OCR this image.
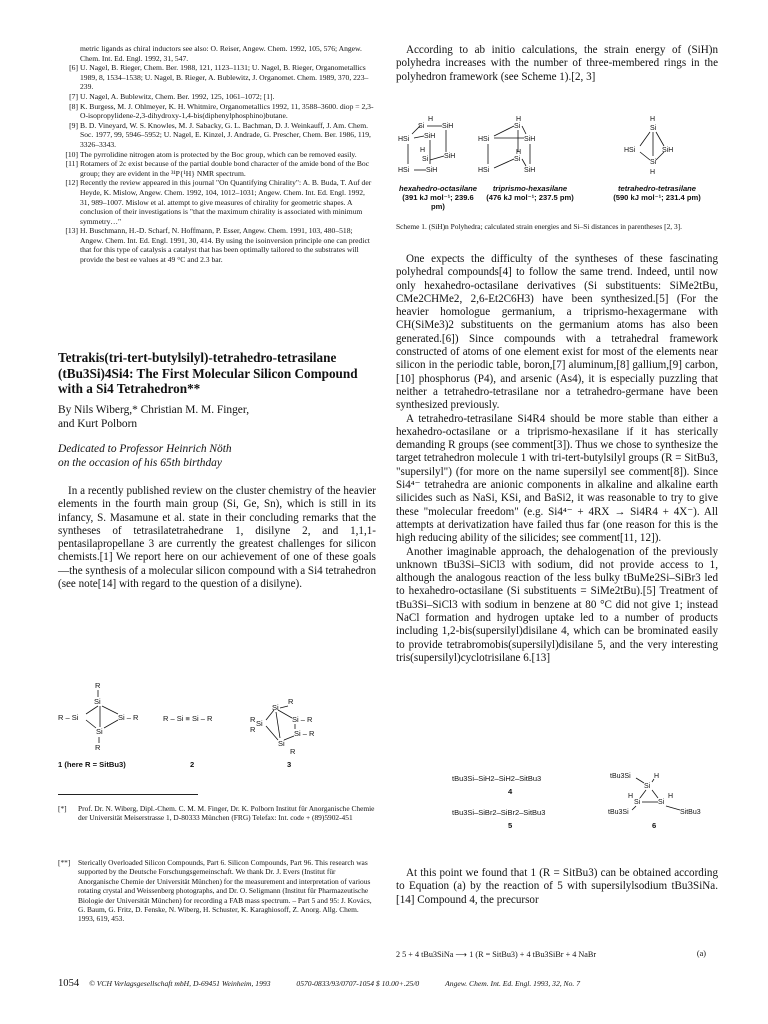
metric ligands as chiral inductors see also: O. Reiser, Angew. Chem. 1992, 105, 576; Angew. Chem. Int. Ed. Engl. 1992, 31, 547.

[6] U. Nagel, B. Rieger, Chem. Ber. 1988, 121, 1123–1131; U. Nagel, B. Rieger, Organometallics 1989, 8, 1534–1538; U. Nagel, B. Rieger, A. Bublewitz, J. Organomet. Chem. 1989, 370, 223–239.

[7] U. Nagel, A. Bublewitz, Chem. Ber. 1992, 125, 1061–1072; [1].

[8] K. Burgess, M. J. Ohlmeyer, K. H. Whitmire, Organometallics 1992, 11, 3588–3600. diop = 2,3-O-isopropylidene-2,3-dihydroxy-1,4-bis(diphenylphosphino)butane.

[9] B. D. Vineyard, W. S. Knowles, M. J. Sabacky, G. L. Bachman, D. J. Weinkauff, J. Am. Chem. Soc. 1977, 99, 5946–5952; U. Nagel, E. Kinzel, J. Andrade, G. Prescher, Chem. Ber. 1986, 119, 3326–3343.

[10] The pyrrolidine nitrogen atom is protected by the Boc group, which can be removed easily.

[11] Rotamers of 2c exist because of the partial double bond character of the amide bond of the Boc group; they are evident in the ³¹P{¹H} NMR spectrum.

[12] Recently the review appeared in this journal "On Quantifying Chirality": A. B. Buda, T. Auf der Heyde, K. Mislow, Angew. Chem. 1992, 104, 1012–1031; Angew. Chem. Int. Ed. Engl. 1992, 31, 989–1007. Mislow et al. attempt to give measures of chirality for geometric shapes. A conclusion of their investigations is "that the maximum chirality is associated with minimum symmetry…"

[13] H. Buschmann, H.-D. Scharf, N. Hoffmann, P. Esser, Angew. Chem. 1991, 103, 480–518; Angew. Chem. Int. Ed. Engl. 1991, 30, 414. By using the isoinversion principle one can predict that for this type of catalysis a catalyst that has been optimally tailored to the substrates will provide the best ee values at 49 °C and 2.3 bar.

Tetrakis(tri-tert-butylsilyl)-tetrahedro-tetrasilane (tBu3Si)4Si4: The First Molecular Silicon Compound with a Si4 Tetrahedron**

By Nils Wiberg,* Christian M. M. Finger,
and Kurt Polborn

Dedicated to Professor Heinrich Nöth
on the occasion of his 65th birthday

In a recently published review on the cluster chemistry of the heavier elements in the fourth main group (Si, Ge, Sn), which is still in its infancy, S. Masamune et al. state in their concluding remarks that the syntheses of tetrasilatetrahedrane 1, disilyne 2, and 1,1,1-pentasilapropellane 3 are currently the greatest challenges for silicon chemists.[1] We report here on our achievement of one of these goals—the synthesis of a molecular silicon compound with a Si4 tetrahedron (see note[14] with regard to the question of a disilyne).

R
Si
R – Si	Si – R
Si
R
1 (here R = SitBu3)
R – Si ≡ Si – R
2
R
Si
R Si
R
Si – R
Si – R
Si
R
3

[*] Prof. Dr. N. Wiberg, Dipl.-Chem. C. M. M. Finger, Dr. K. Polborn Institut für Anorganische Chemie der Universität Meiserstrasse 1, D-80333 München (FRG) Telefax: Int. code + (89)5902-451

[**] Sterically Overloaded Silicon Compounds, Part 6. Silicon Compounds, Part 96. This research was supported by the Deutsche Forschungsgemeinschaft. We thank Dr. J. Evers (Institut für Anorganische Chemie der Universität München) for the measurement and interpretation of various rotating crystal and Weissenberg photographs, and Dr. O. Seligmann (Institut für Pharmazeutische Biologie der Universität München) for recording a FAB mass spectrum. – Part 5 and 95: J. Kovács, G. Baum, G. Fritz, D. Fenske, N. Wiberg, H. Schuster, K. Karaghiosoff, Z. Anorg. Allg. Chem. 1993, 619, 453.

According to ab initio calculations, the strain energy of (SiH)n polyhedra increases with the number of three-membered rings in the polyhedron framework (see Scheme 1).[2, 3]

H
Si	SiH
HSi SiH
H
Si SiH
HSi SiH
H
Si
HSi	SiH
H
Si
HSi	SiH
H
Si
HSi	SiH
Si
H
hexahedro-octasilane
(391 kJ mol⁻¹; 239.6 pm)
triprismo-hexasilane
(476 kJ mol⁻¹; 237.5 pm)
tetrahedro-tetrasilane
(590 kJ mol⁻¹; 231.4 pm)

Scheme 1. (SiH)n Polyhedra; calculated strain energies and Si–Si distances in parentheses [2, 3].

One expects the difficulty of the syntheses of these fascinating polyhedral compounds[4] to follow the same trend. Indeed, until now only hexahedro-octasilane derivatives (Si substituents: SiMe2tBu, CMe2CHMe2, 2,6-Et2C6H3) have been synthesized.[5] (For the heavier homologue germanium, a triprismo-hexagermane with CH(SiMe3)2 substituents on the germanium atoms has also been generated.[6]) Since compounds with a tetrahedral framework constructed of atoms of one element exist for most of the elements near silicon in the periodic table, boron,[7] aluminum,[8] gallium,[9] carbon,[10] phosphorus (P4), and arsenic (As4), it is especially puzzling that neither a tetrahedro-tetrasilane nor a tetrahedro-germane have been synthesized previously.

A tetrahedro-tetrasilane Si4R4 should be more stable than either a hexahedro-octasilane or a triprismo-hexasilane if it has sterically demanding R groups (see comment[3]). Thus we chose to synthesize the target tetrahedron molecule 1 with tri-tert-butylsilyl groups (R = SitBu3, "supersilyl") (for more on the name supersilyl see comment[8]). Since Si4⁴⁻ tetrahedra are anionic components in alkaline and alkaline earth silicides such as NaSi, KSi, and BaSi2, it was reasonable to try to give these "molecular freedom" (e.g. Si4⁴⁻ + 4RX → Si4R4 + 4X⁻). All attempts at derivatization have failed thus far (one reason for this is the high reducing ability of the silicides; see comment[11, 12]).

Another imaginable approach, the dehalogenation of the previously unknown tBu3Si–SiCl3 with sodium, did not provide access to 1, although the analogous reaction of the less bulky tBuMe2Si–SiBr3 led to hexahedro-octasilane (Si substituents = SiMe2tBu).[5] Treatment of tBu3Si–SiCl3 with sodium in benzene at 80 °C did not give 1; instead NaCl formation and hydrogen uptake led to a number of products including 1,2-bis(supersilyl)disilane 4, which can be brominated easily to provide tetrabromobis(supersilyl)disilane 5, and the very interesting tris(supersilyl)cyclotrisilane 6.[13]

tBu3Si–SiH2–SiH2–SitBu3
4
tBu3Si–SiBr2–SiBr2–SitBu3
5
tBu3Si	H
Si
H	H
Si	Si
tBu3Si	SitBu3
6

At this point we found that 1 (R = SitBu3) can be obtained according to Equation (a) by the reaction of 5 with supersilylsodium tBu3SiNa.[14] Compound 4, the precursor

2 5 + 4 tBu3SiNa ⟶ 1 (R = SitBu3) + 4 tBu3SiBr + 4 NaBr	(a)
1054 © VCH Verlagsgesellschaft mbH, D-69451 Weinheim, 1993	0570-0833/93/0707-1054 $ 10.00+.25/0	Angew. Chem. Int. Ed. Engl. 1993, 32, No. 7
